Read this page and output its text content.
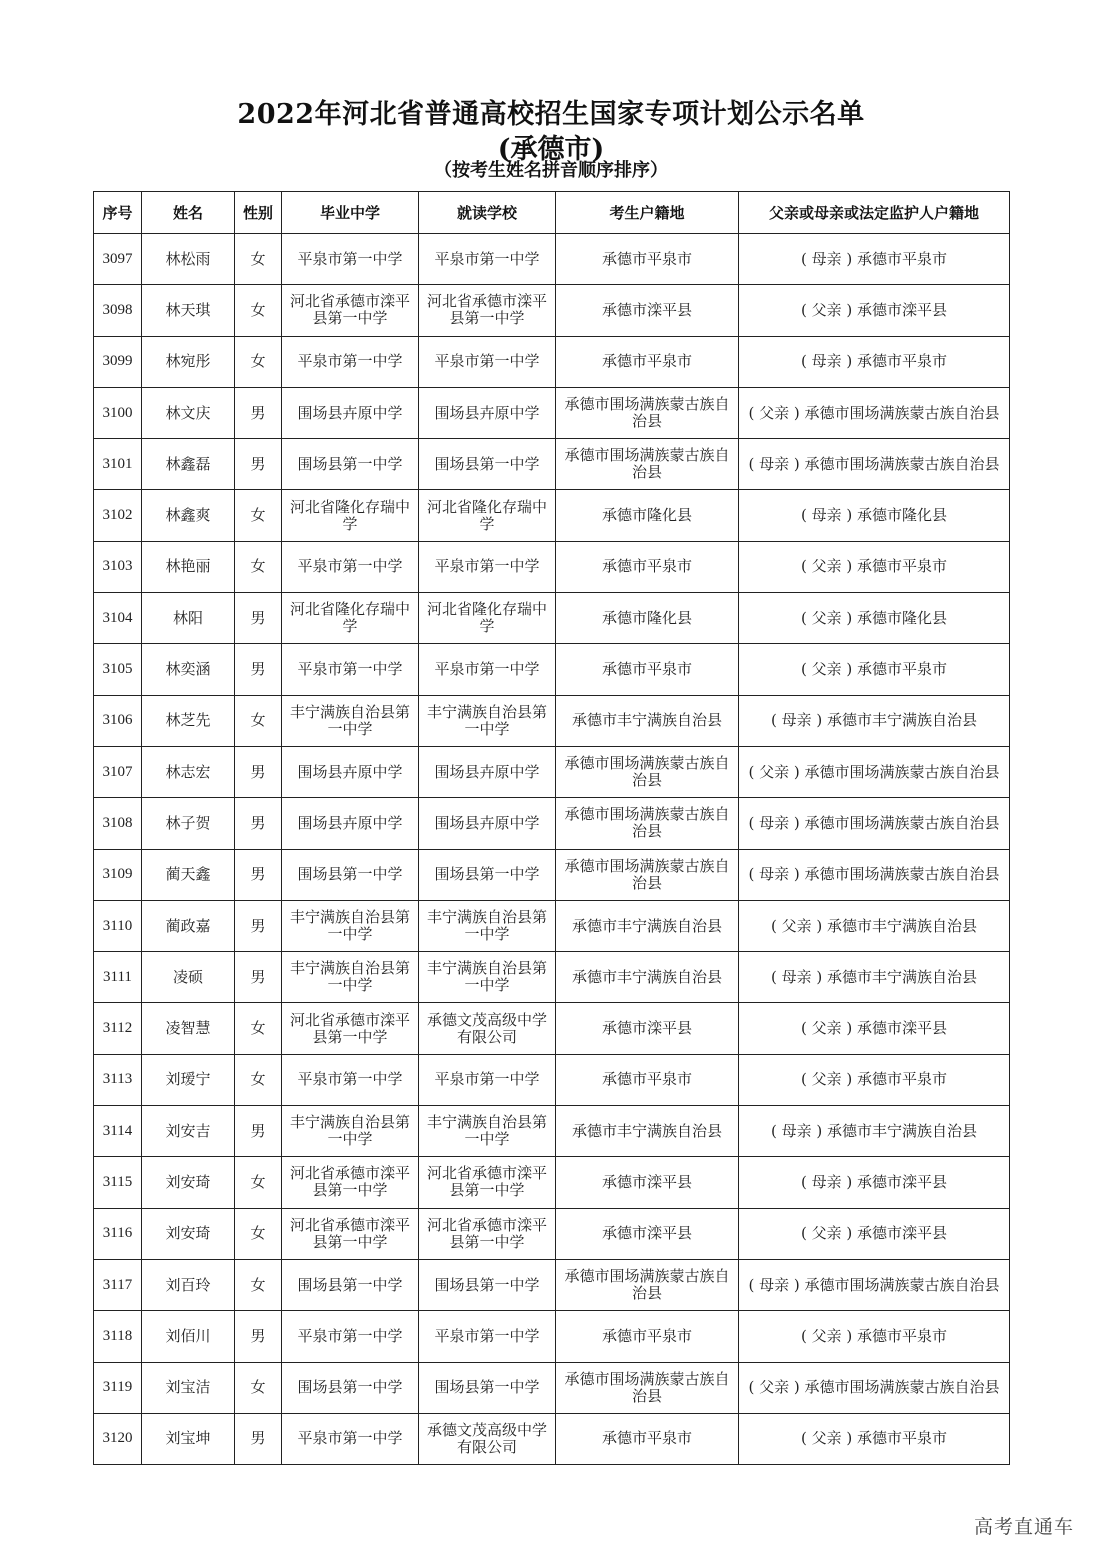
2022年河北省普通高校招生国家专项计划公示名单
(承德市)
（按考生姓名拼音顺序排序）
序号	姓名	性别	毕业中学	就读学校	考生户籍地	父亲或母亲或法定监护人户籍地
3097	林松雨	女	平泉市第一中学	平泉市第一中学	承德市平泉市	( 母亲 ) 承德市平泉市
3098	林天琪	女	河北省承德市滦平县第一中学	河北省承德市滦平县第一中学	承德市滦平县	( 父亲 ) 承德市滦平县
3099	林宛彤	女	平泉市第一中学	平泉市第一中学	承德市平泉市	( 母亲 ) 承德市平泉市
3100	林文庆	男	围场县卉原中学	围场县卉原中学	承德市围场满族蒙古族自治县	( 父亲 ) 承德市围场满族蒙古族自治县
3101	林鑫磊	男	围场县第一中学	围场县第一中学	承德市围场满族蒙古族自治县	( 母亲 ) 承德市围场满族蒙古族自治县
3102	林鑫爽	女	河北省隆化存瑞中学	河北省隆化存瑞中学	承德市隆化县	( 母亲 ) 承德市隆化县
3103	林艳丽	女	平泉市第一中学	平泉市第一中学	承德市平泉市	( 父亲 ) 承德市平泉市
3104	林阳	男	河北省隆化存瑞中学	河北省隆化存瑞中学	承德市隆化县	( 父亲 ) 承德市隆化县
3105	林奕涵	男	平泉市第一中学	平泉市第一中学	承德市平泉市	( 父亲 ) 承德市平泉市
3106	林芝先	女	丰宁满族自治县第一中学	丰宁满族自治县第一中学	承德市丰宁满族自治县	( 母亲 ) 承德市丰宁满族自治县
3107	林志宏	男	围场县卉原中学	围场县卉原中学	承德市围场满族蒙古族自治县	( 父亲 ) 承德市围场满族蒙古族自治县
3108	林子贺	男	围场县卉原中学	围场县卉原中学	承德市围场满族蒙古族自治县	( 母亲 ) 承德市围场满族蒙古族自治县
3109	蔺天鑫	男	围场县第一中学	围场县第一中学	承德市围场满族蒙古族自治县	( 母亲 ) 承德市围场满族蒙古族自治县
3110	蔺政嘉	男	丰宁满族自治县第一中学	丰宁满族自治县第一中学	承德市丰宁满族自治县	( 父亲 ) 承德市丰宁满族自治县
3111	凌硕	男	丰宁满族自治县第一中学	丰宁满族自治县第一中学	承德市丰宁满族自治县	( 母亲 ) 承德市丰宁满族自治县
3112	凌智慧	女	河北省承德市滦平县第一中学	承德文茂高级中学有限公司	承德市滦平县	( 父亲 ) 承德市滦平县
3113	刘瑷宁	女	平泉市第一中学	平泉市第一中学	承德市平泉市	( 父亲 ) 承德市平泉市
3114	刘安吉	男	丰宁满族自治县第一中学	丰宁满族自治县第一中学	承德市丰宁满族自治县	( 母亲 ) 承德市丰宁满族自治县
3115	刘安琦	女	河北省承德市滦平县第一中学	河北省承德市滦平县第一中学	承德市滦平县	( 母亲 ) 承德市滦平县
3116	刘安琦	女	河北省承德市滦平县第一中学	河北省承德市滦平县第一中学	承德市滦平县	( 父亲 ) 承德市滦平县
3117	刘百玲	女	围场县第一中学	围场县第一中学	承德市围场满族蒙古族自治县	( 母亲 ) 承德市围场满族蒙古族自治县
3118	刘佰川	男	平泉市第一中学	平泉市第一中学	承德市平泉市	( 父亲 ) 承德市平泉市
3119	刘宝洁	女	围场县第一中学	围场县第一中学	承德市围场满族蒙古族自治县	( 父亲 ) 承德市围场满族蒙古族自治县
3120	刘宝坤	男	平泉市第一中学	承德文茂高级中学有限公司	承德市平泉市	( 父亲 ) 承德市平泉市
高考直通车
